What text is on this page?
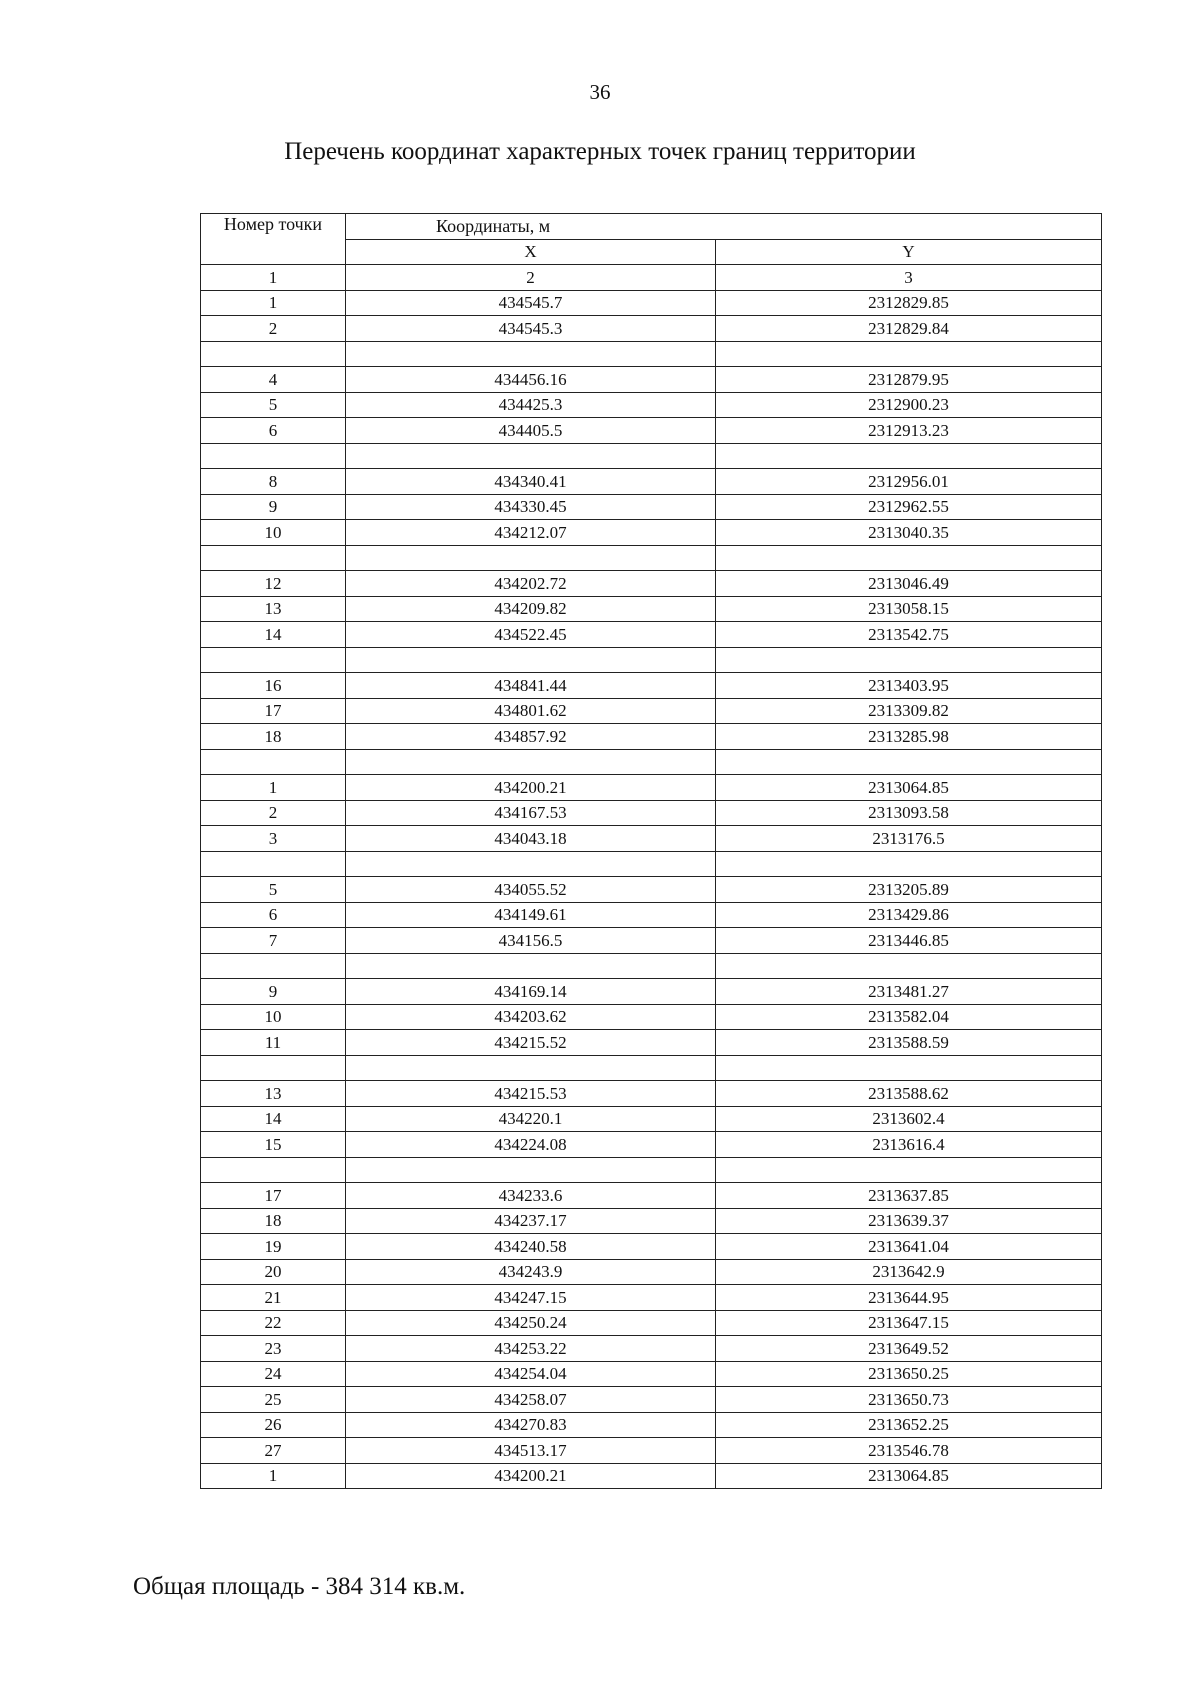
36
Перечень координат характерных точек границ территории
Номер точки	Координаты, м	
	X	Y
1	2	3
1	434545.7	2312829.85
2	434545.3	2312829.84

4	434456.16	2312879.95
5	434425.3	2312900.23
6	434405.5	2312913.23

8	434340.41	2312956.01
9	434330.45	2312962.55
10	434212.07	2313040.35

12	434202.72	2313046.49
13	434209.82	2313058.15
14	434522.45	2313542.75

16	434841.44	2313403.95
17	434801.62	2313309.82
18	434857.92	2313285.98

1	434200.21	2313064.85
2	434167.53	2313093.58
3	434043.18	2313176.5

5	434055.52	2313205.89
6	434149.61	2313429.86
7	434156.5	2313446.85

9	434169.14	2313481.27
10	434203.62	2313582.04
11	434215.52	2313588.59

13	434215.53	2313588.62
14	434220.1	2313602.4
15	434224.08	2313616.4

17	434233.6	2313637.85
18	434237.17	2313639.37
19	434240.58	2313641.04
20	434243.9	2313642.9
21	434247.15	2313644.95
22	434250.24	2313647.15
23	434253.22	2313649.52
24	434254.04	2313650.25
25	434258.07	2313650.73
26	434270.83	2313652.25
27	434513.17	2313546.78
1	434200.21	2313064.85
Общая площадь - 384 314 кв.м.
